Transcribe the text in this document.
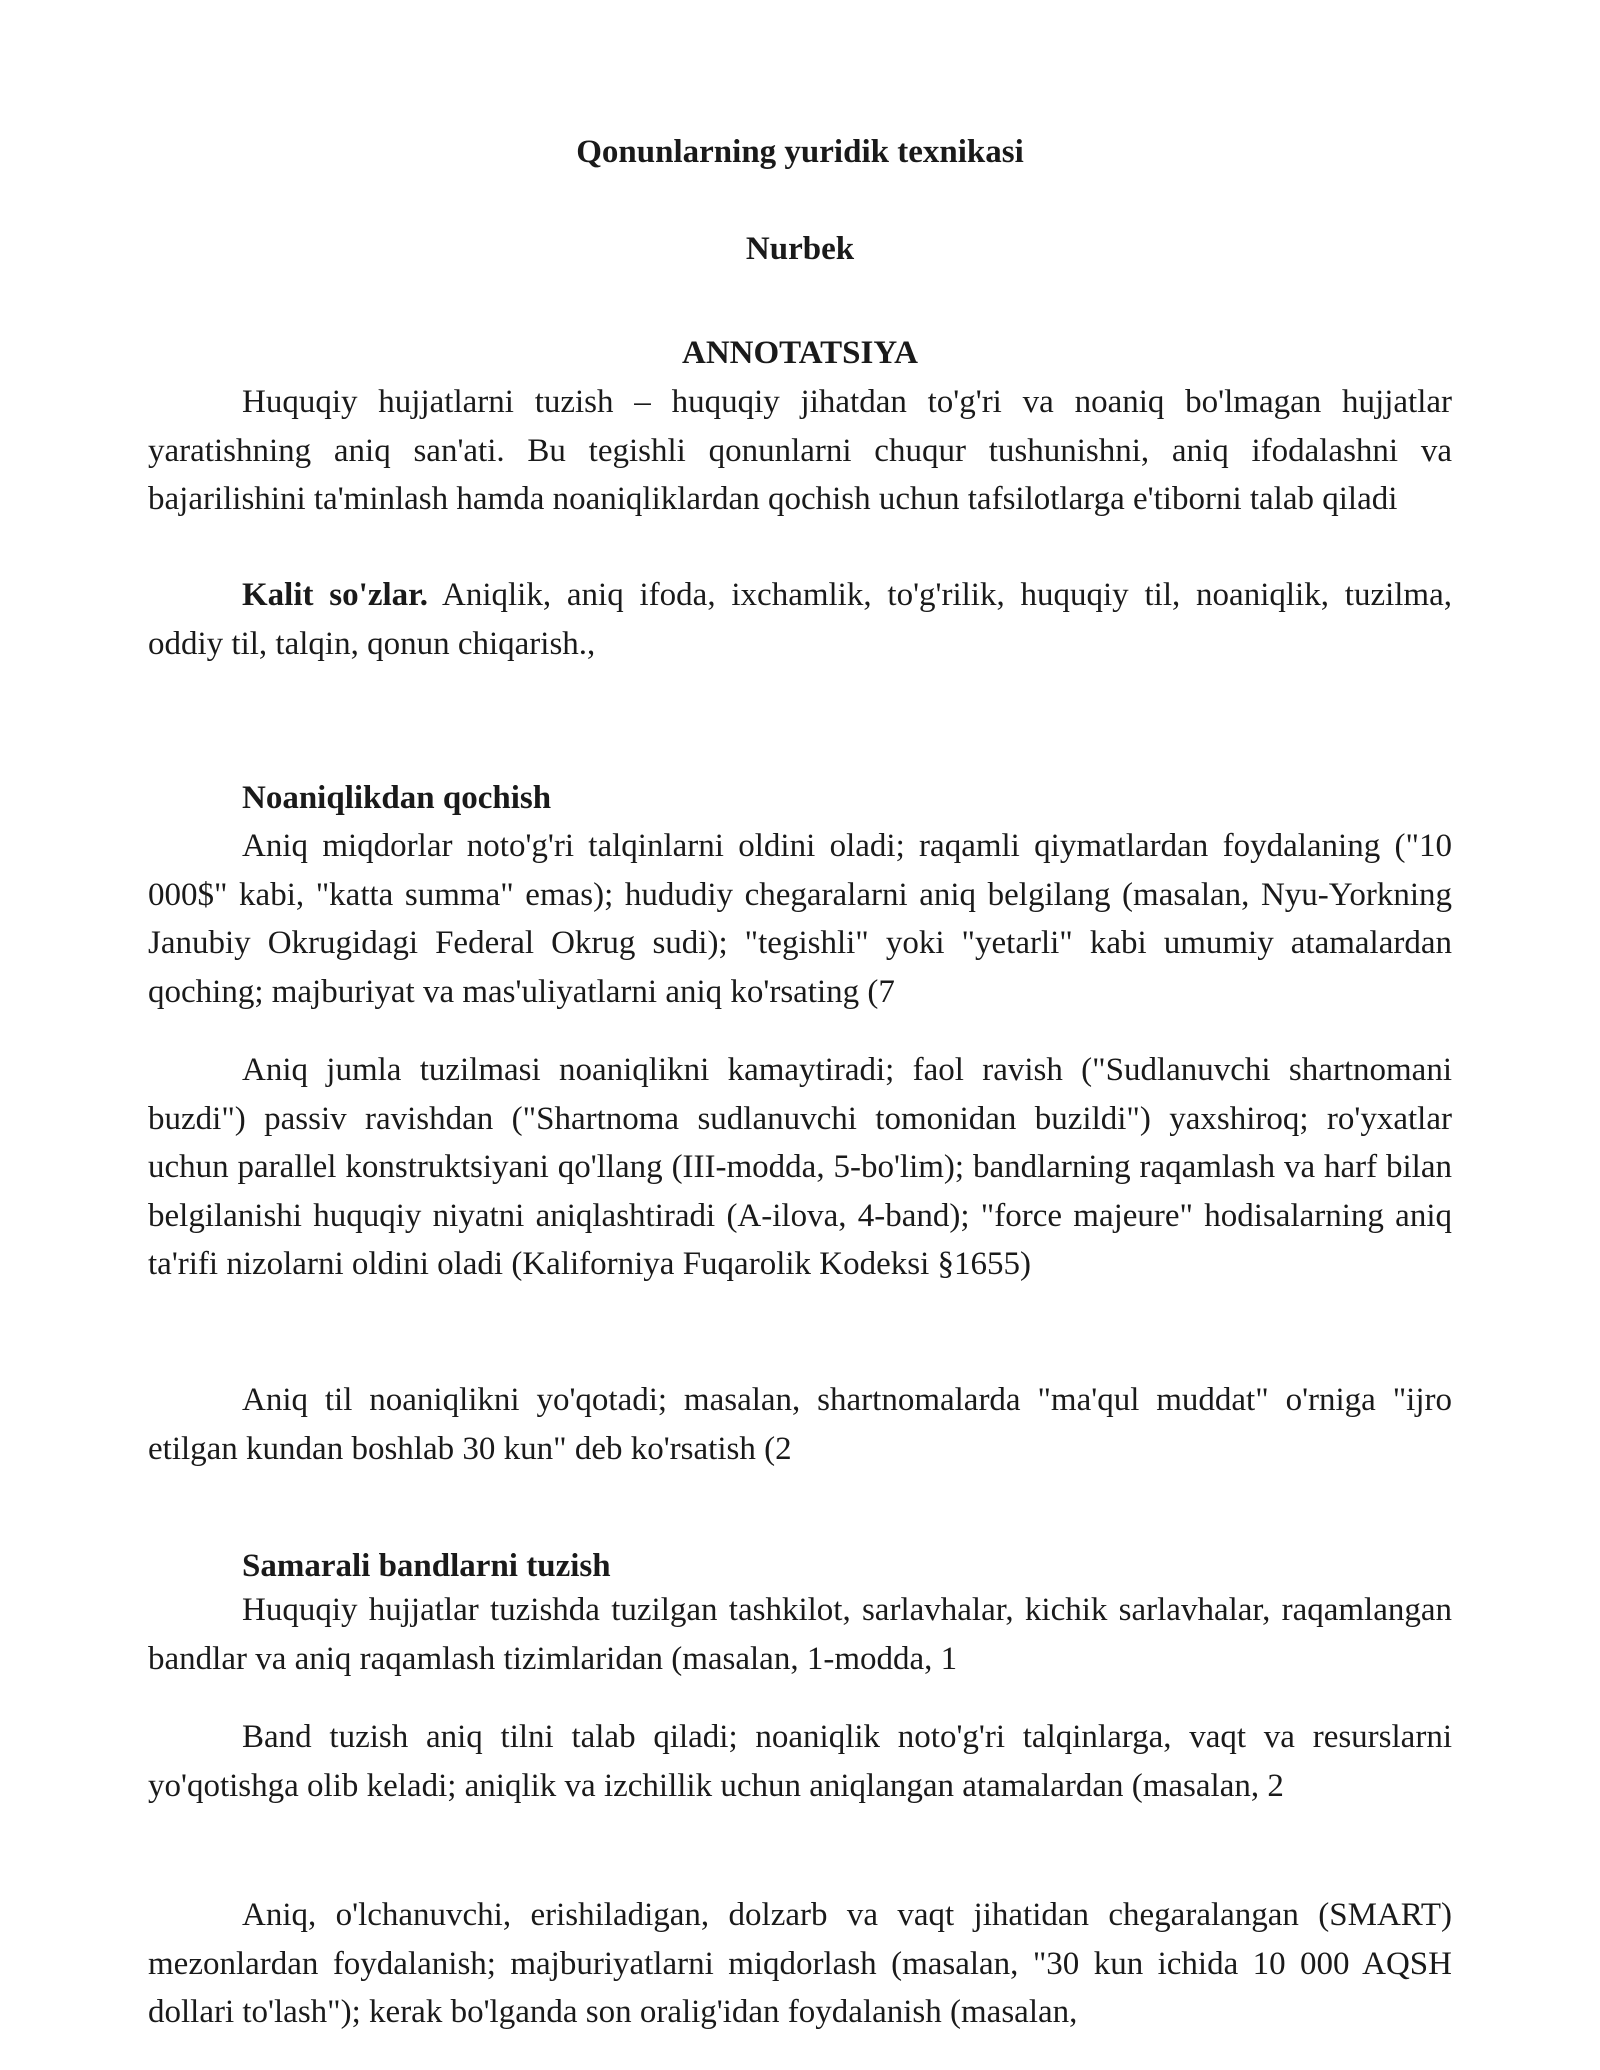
Qonunlarning yuridik texnikasi
Nurbek
ANNOTATSIYA

Huquqiy hujjatlarni tuzish – huquqiy jihatdan to'g'ri va noaniq bo'lmagan hujjatlar yaratishning aniq san'ati. Bu tegishli qonunlarni chuqur tushunishni, aniq ifodalashni va bajarilishini ta'minlash hamda noaniqliklardan qochish uchun tafsilotlarga e'tiborni talab qiladi

Kalit so'zlar. Aniqlik, aniq ifoda, ixchamlik, to'g'rilik, huquqiy til, noaniqlik, tuzilma, oddiy til, talqin, qonun chiqarish.,

Noaniqlikdan qochish

Aniq miqdorlar noto'g'ri talqinlarni oldini oladi; raqamli qiymatlardan foydalaning ("10 000$" kabi, "katta summa" emas); hududiy chegaralarni aniq belgilang (masalan, Nyu-Yorkning Janubiy Okrugidagi Federal Okrug sudi); "tegishli" yoki "yetarli" kabi umumiy atamalardan qoching; majburiyat va mas'uliyatlarni aniq ko'rsating (7

Aniq jumla tuzilmasi noaniqlikni kamaytiradi; faol ravish ("Sudlanuvchi shartnomani buzdi") passiv ravishdan ("Shartnoma sudlanuvchi tomonidan buzildi") yaxshiroq; ro'yxatlar uchun parallel konstruktsiyani qo'llang (III-modda, 5-bo'lim); bandlarning raqamlash va harf bilan belgilanishi huquqiy niyatni aniqlashtiradi (A-ilova, 4-band); "force majeure" hodisalarning aniq ta'rifi nizolarni oldini oladi (Kaliforniya Fuqarolik Kodeksi §1655)

Aniq til noaniqlikni yo'qotadi; masalan, shartnomalarda "ma'qul muddat" o'rniga "ijro etilgan kundan boshlab 30 kun" deb ko'rsatish (2

Samarali bandlarni tuzish

Huquqiy hujjatlar tuzishda tuzilgan tashkilot, sarlavhalar, kichik sarlavhalar, raqamlangan bandlar va aniq raqamlash tizimlaridan (masalan, 1-modda, 1

Band tuzish aniq tilni talab qiladi; noaniqlik noto'g'ri talqinlarga, vaqt va resurslarni yo'qotishga olib keladi; aniqlik va izchillik uchun aniqlangan atamalardan (masalan, 2

Aniq, o'lchanuvchi, erishiladigan, dolzarb va vaqt jihatidan chegaralangan (SMART) mezonlardan foydalanish; majburiyatlarni miqdorlash (masalan, "30 kun ichida 10 000 AQSH dollari to'lash"); kerak bo'lganda son oralig'idan foydalanish (masalan,
